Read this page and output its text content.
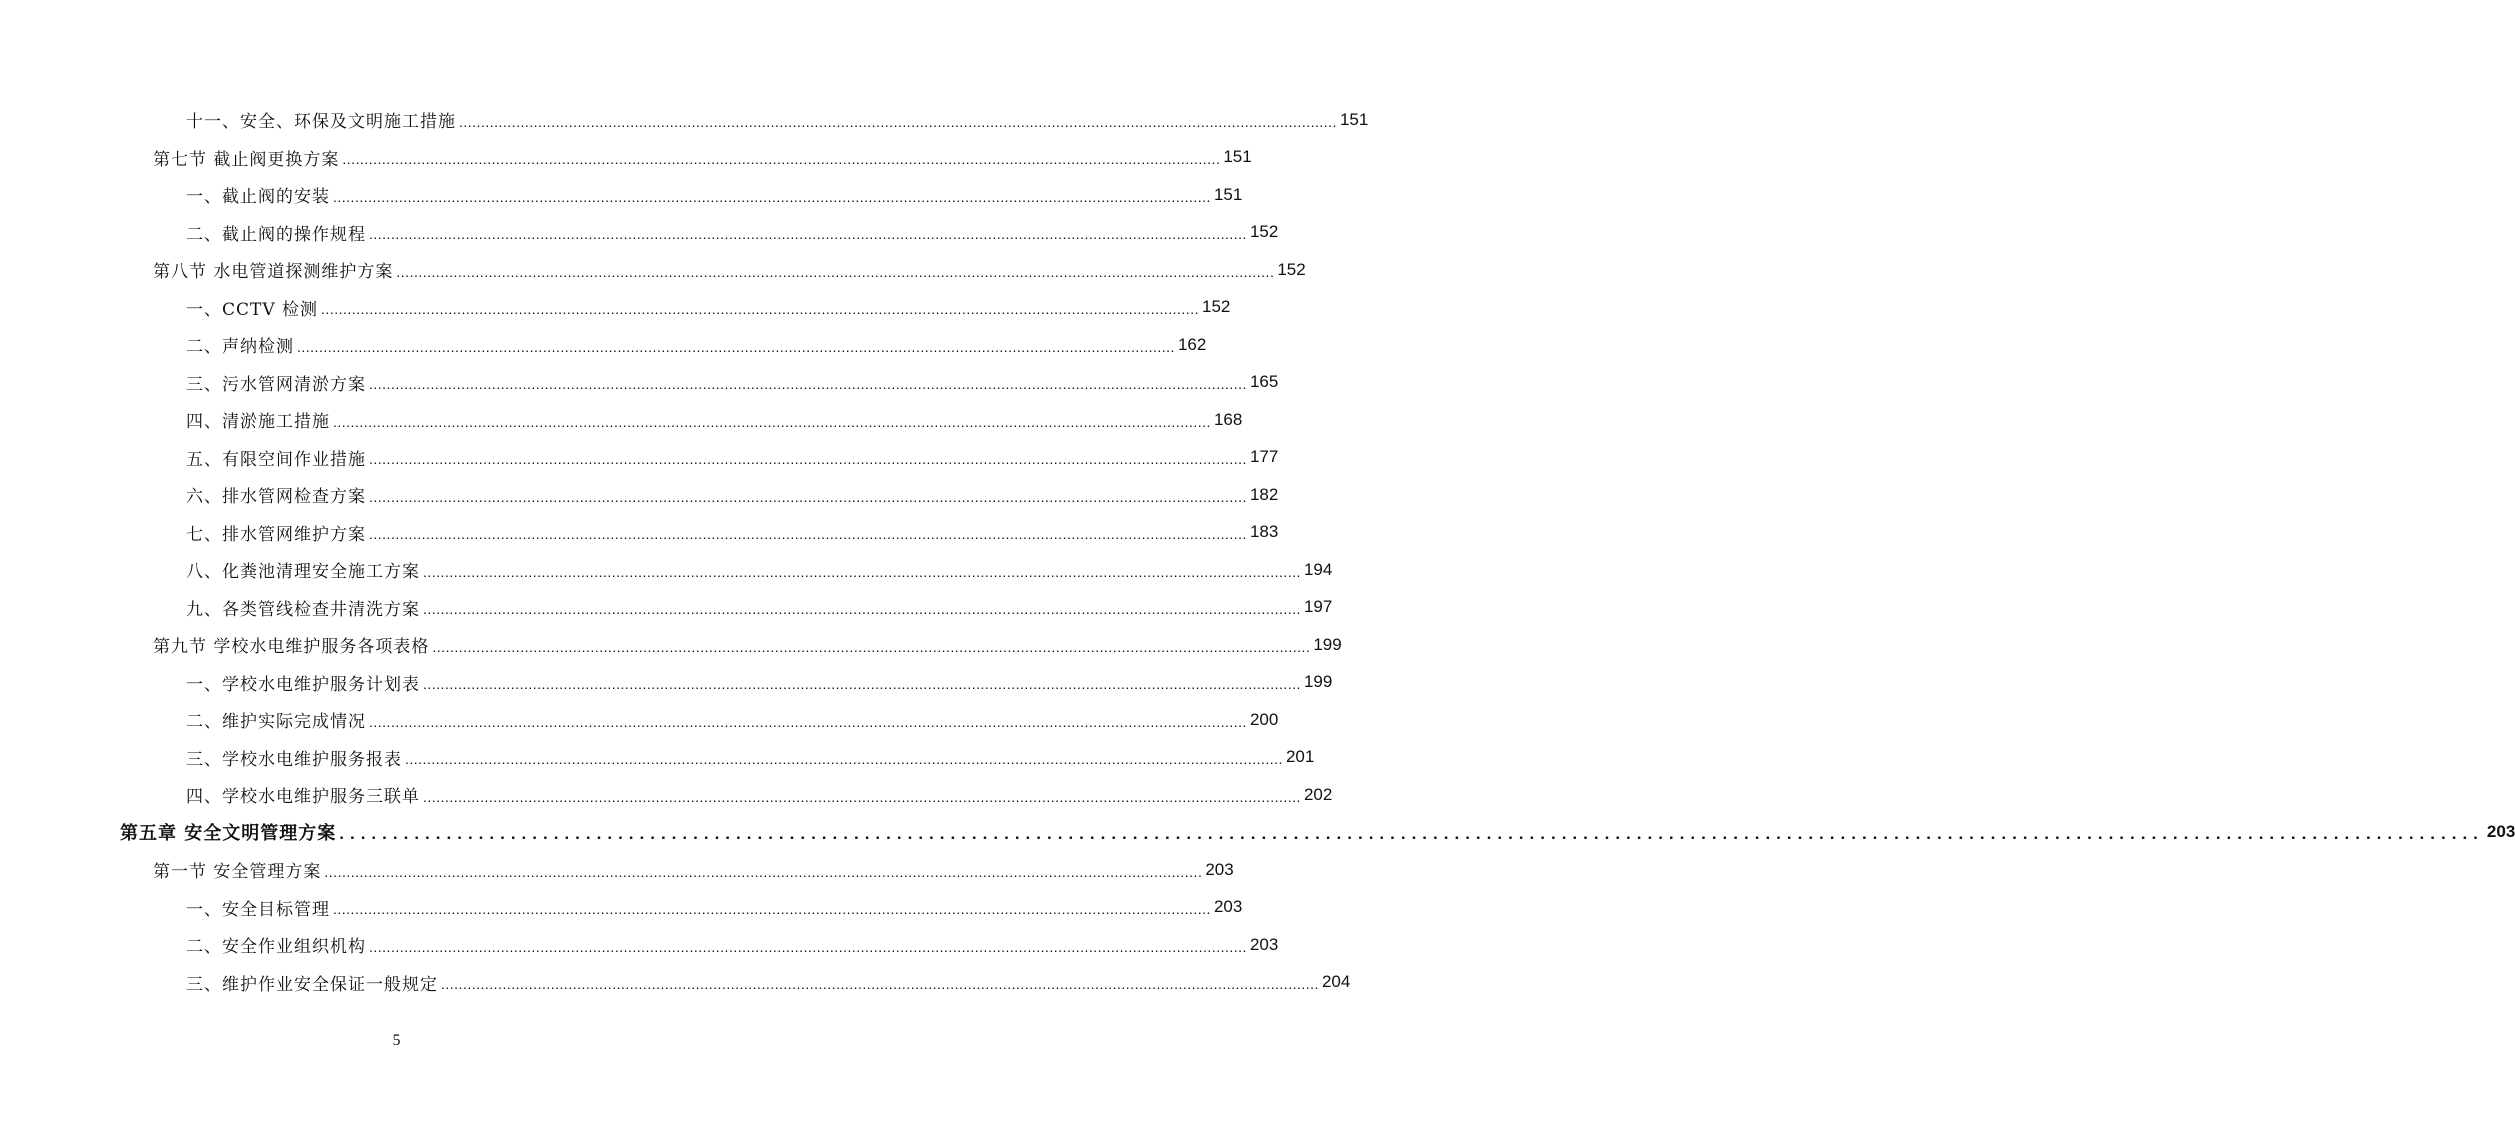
十一、安全、环保及文明施工措施 ........................................................................................................................................................................................................ 151
第七节 截止阀更换方案 ........................................................................................................................................................................................................ 151
一、截止阀的安装 ........................................................................................................................................................................................................ 151
二、截止阀的操作规程 ........................................................................................................................................................................................................ 152
第八节 水电管道探测维护方案 ........................................................................................................................................................................................................ 152
一、CCTV 检测 ........................................................................................................................................................................................................ 152
二、声纳检测 ........................................................................................................................................................................................................ 162
三、污水管网清淤方案 ........................................................................................................................................................................................................ 165
四、清淤施工措施 ........................................................................................................................................................................................................ 168
五、有限空间作业措施 ........................................................................................................................................................................................................ 177
六、排水管网检查方案 ........................................................................................................................................................................................................ 182
七、排水管网维护方案 ........................................................................................................................................................................................................ 183
八、化粪池清理安全施工方案 ........................................................................................................................................................................................................ 194
九、各类管线检查井清洗方案 ........................................................................................................................................................................................................ 197
第九节 学校水电维护服务各项表格 ........................................................................................................................................................................................................ 199
一、学校水电维护服务计划表 ........................................................................................................................................................................................................ 199
二、维护实际完成情况 ........................................................................................................................................................................................................ 200
三、学校水电维护服务报表 ........................................................................................................................................................................................................ 201
四、学校水电维护服务三联单 ........................................................................................................................................................................................................ 202
第五章 安全文明管理方案 ........................................................................................................................................................................................................ 203
第一节 安全管理方案 ........................................................................................................................................................................................................ 203
一、安全目标管理 ........................................................................................................................................................................................................ 203
二、安全作业组织机构 ........................................................................................................................................................................................................ 203
三、维护作业安全保证一般规定 ........................................................................................................................................................................................................ 204
5
